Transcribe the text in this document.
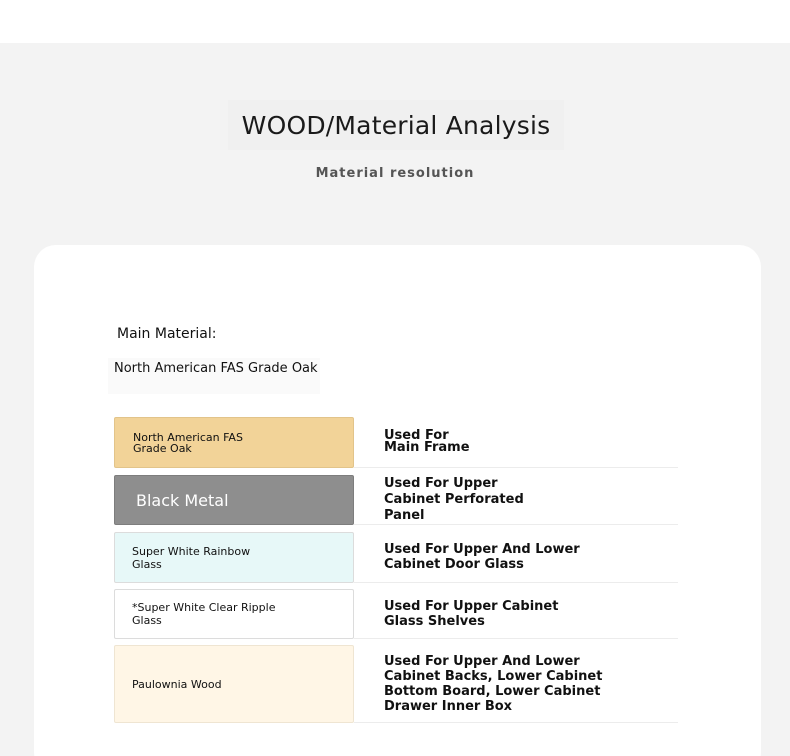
WOOD/Material Analysis
Material resolution
Main Material:
North American FAS Grade Oak
North American FAS Grade Oak
Used For Main Frame
Black Metal
Used For Upper Cabinet Perforated Panel
Super White Rainbow Glass
Used For Upper And Lower Cabinet Door Glass
*Super White Clear Ripple Glass
Used For Upper Cabinet Glass Shelves
Paulownia Wood
Used For Upper And Lower Cabinet Backs, Lower Cabinet Bottom Board, Lower Cabinet Drawer Inner Box
